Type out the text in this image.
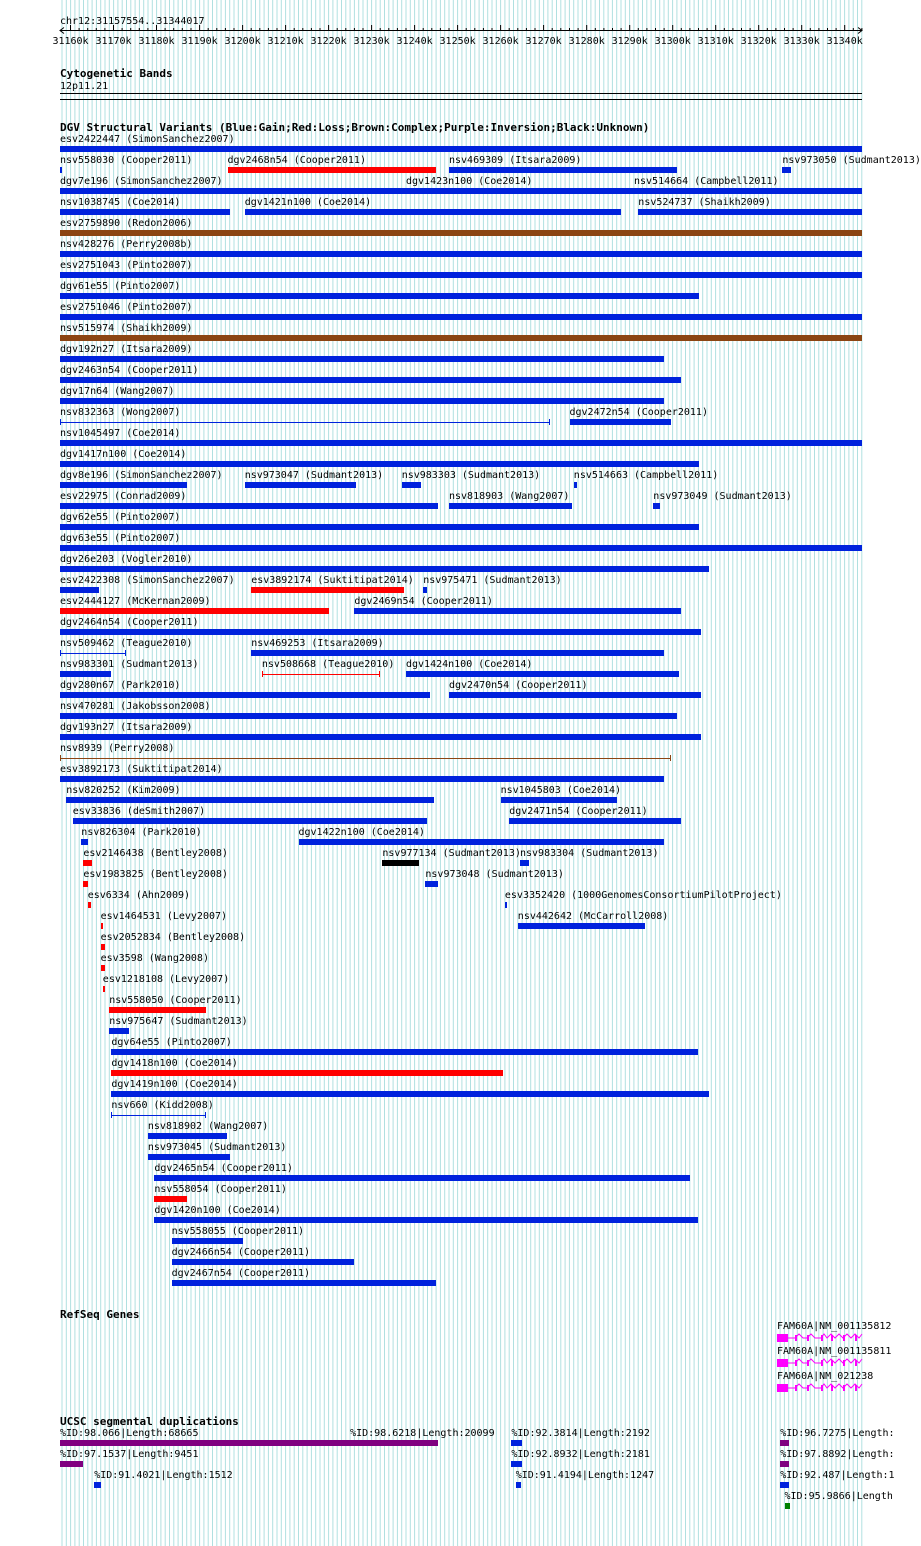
chr12:31157554..31344017
31160k 31170k 31180k 31190k 31200k 31210k 31220k 31230k 31240k 31250k 31260k 31270k 31280k 31290k 31300k 31310k 31320k 31330k 31340k
Cytogenetic Bands
12p11.21
DGV Structural Variants (Blue:Gain;Red:Loss;Brown:Complex;Purple:Inversion;Black:Unknown)
esv2422447 (SimonSanchez2007)
nsv558030 (Cooper2011)	dgv2468n54 (Cooper2011)	nsv469309 (Itsara2009)	nsv973050 (Sudmant2013)
dgv7e196 (SimonSanchez2007)	dgv1423n100 (Coe2014)	nsv514664 (Campbell2011)
nsv1038745 (Coe2014)	dgv1421n100 (Coe2014)	nsv524737 (Shaikh2009)
esv2759890 (Redon2006)
nsv428276 (Perry2008b)
esv2751043 (Pinto2007)
dgv61e55 (Pinto2007)
esv2751046 (Pinto2007)
nsv515974 (Shaikh2009)
dgv192n27 (Itsara2009)
dgv2463n54 (Cooper2011)
dgv17n64 (Wang2007)
nsv832363 (Wong2007)	dgv2472n54 (Cooper2011)
nsv1045497 (Coe2014)
dgv1417n100 (Coe2014)
dgv8e196 (SimonSanchez2007) nsv973047 (Sudmant2013) nsv983303 (Sudmant2013)	nsv514663 (Campbell2011)
esv22975 (Conrad2009)	nsv818903 (Wang2007)	nsv973049 (Sudmant2013)
dgv62e55 (Pinto2007)
dgv63e55 (Pinto2007)
dgv26e203 (Vogler2010)
esv2422308 (SimonSanchez2007) esv3892174 (Suktitipat2014) nsv975471 (Sudmant2013)
esv2444127 (McKernan2009)	dgv2469n54 (Cooper2011)
dgv2464n54 (Cooper2011)
nsv509462 (Teague2010)	nsv469253 (Itsara2009)
nsv983301 (Sudmant2013)	nsv508668 (Teague2010) dgv1424n100 (Coe2014)
dgv280n67 (Park2010)	dgv2470n54 (Cooper2011)
nsv470281 (Jakobsson2008)
dgv193n27 (Itsara2009)
nsv8939 (Perry2008)
esv3892173 (Suktitipat2014)
nsv820252 (Kim2009)	nsv1045803 (Coe2014)
esv33836 (deSmith2007)	dgv2471n54 (Cooper2011)
nsv826304 (Park2010)	dgv1422n100 (Coe2014)
esv2146438 (Bentley2008)	nsv977134 (Sudmant2013) nsv983304 (Sudmant2013)
esv1983825 (Bentley2008)	nsv973048 (Sudmant2013)
esv6334 (Ahn2009)	esv3352420 (1000GenomesConsortiumPilotProject)
esv1464531 (Levy2007)	nsv442642 (McCarroll2008)
esv2052834 (Bentley2008)
esv3598 (Wang2008)
esv1218108 (Levy2007)
nsv558050 (Cooper2011)
nsv975647 (Sudmant2013)
dgv64e55 (Pinto2007)
dgv1418n100 (Coe2014)
dgv1419n100 (Coe2014)
nsv660 (Kidd2008)
nsv818902 (Wang2007)
nsv973045 (Sudmant2013)
dgv2465n54 (Cooper2011)
nsv558054 (Cooper2011)
dgv1420n100 (Coe2014)
nsv558055 (Cooper2011)
dgv2466n54 (Cooper2011)
dgv2467n54 (Cooper2011)
RefSeq Genes
FAM60A|NM_001135812
FAM60A|NM_001135811
FAM60A|NM_021238
UCSC segmental duplications
%ID:98.066|Length:68665	%ID:98.6218|Length:20099 %ID:92.3814|Length:2192	%ID:96.7275|Length:
%ID:97.1537|Length:9451	%ID:92.8932|Length:2181	%ID:97.8892|Length:
%ID:91.4021|Length:1512	%ID:91.4194|Length:1247	%ID:92.487|Length:1
%ID:95.9866|Length
